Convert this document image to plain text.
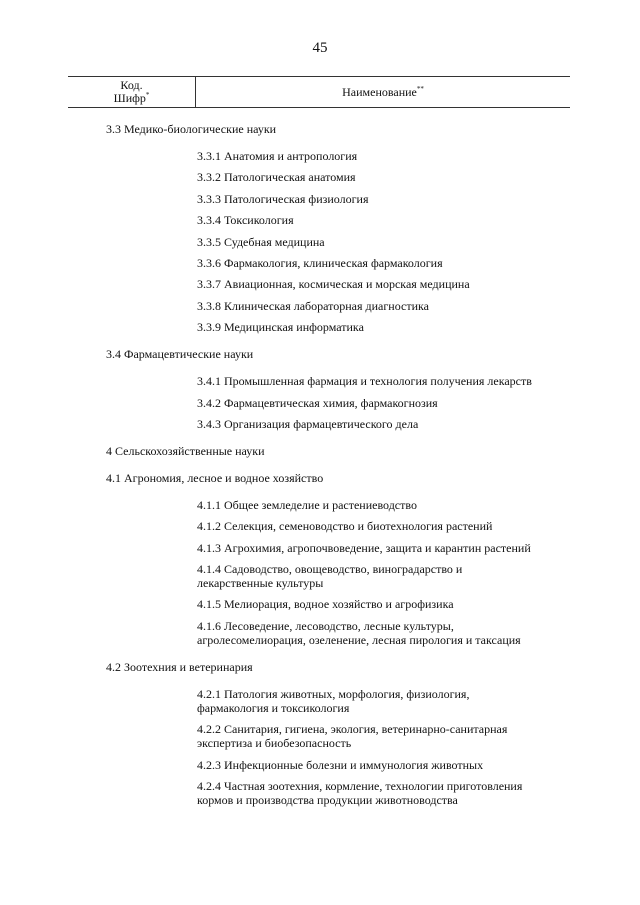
45
Код.
Шифр*	Наименование**
3.3 Медико-биологические науки
3.3.1 Анатомия и антропология
3.3.2 Патологическая анатомия
3.3.3 Патологическая физиология
3.3.4 Токсикология
3.3.5 Судебная медицина
3.3.6 Фармакология, клиническая фармакология
3.3.7 Авиационная, космическая и морская медицина
3.3.8 Клиническая лабораторная диагностика
3.3.9 Медицинская информатика
3.4 Фармацевтические науки
3.4.1 Промышленная фармация и технология получения лекарств
3.4.2 Фармацевтическая химия, фармакогнозия
3.4.3 Организация фармацевтического дела
4 Сельскохозяйственные науки
4.1 Агрономия, лесное и водное хозяйство
4.1.1 Общее земледелие и растениеводство
4.1.2 Селекция, семеноводство и биотехнология растений
4.1.3 Агрохимия, агропочвоведение, защита и карантин растений
4.1.4 Садоводство, овощеводство, виноградарство и
лекарственные культуры
4.1.5 Мелиорация, водное хозяйство и агрофизика
4.1.6 Лесоведение, лесоводство, лесные культуры,
агролесомелиорация, озеленение, лесная пирология и таксация
4.2 Зоотехния и ветеринария
4.2.1 Патология животных, морфология, физиология,
фармакология и токсикология
4.2.2 Санитария, гигиена, экология, ветеринарно-санитарная
экспертиза и биобезопасность
4.2.3 Инфекционные болезни и иммунология животных
4.2.4 Частная зоотехния, кормление, технологии приготовления
кормов и производства продукции животноводства
